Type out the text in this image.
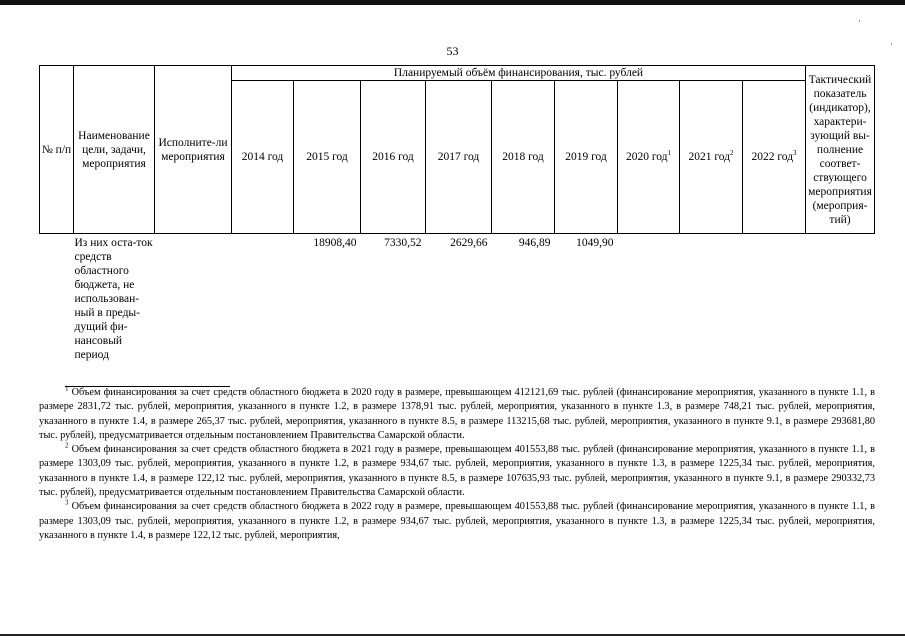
·
·
53
№ п/п	Наименование цели, задачи, мероприятия	Исполните-ли мероприятия	Планируемый объём финансирования, тыс. рублей									Тактический показатель (индикатор), характери-зующий вы-полнение соответ-ствующего мероприятия (мероприя-тий)
			2014 год	2015 год	2016 год	2017 год	2018 год	2019 год	2020 год$^1$	2021 год$^2$	2022 год$^3$
	Из них оста-ток средств областного бюджета, не использован-ный в преды-дущий фи-нансовый период			18908,40	7330,52	2629,66	946,89	1049,90				

$^1$ Объем финансирования за счет средств областного бюджета в 2020 году в размере, превышающем 412121,69 тыс. рублей (финансирование мероприятия, указанного в пункте 1.1, в размере 2831,72 тыс. рублей, мероприятия, указанного в пункте 1.2, в размере 1378,91 тыс. рублей, мероприятия, указанного в пункте 1.3, в размере 748,21 тыс. рублей, мероприятия, указанного в пункте 1.4, в размере 265,37 тыс. рублей, мероприятия, указанного в пункте 8.5, в размере 113215,68 тыс. рублей, мероприятия, указанного в пункте 9.1, в размере 293681,80 тыс. рублей), предусматривается отдельным постановлением Правительства Самарской области.

$^2$ Объем финансирования за счет средств областного бюджета в 2021 году в размере, превышающем 401553,88 тыс. рублей (финансирование мероприятия, указанного в пункте 1.1, в размере 1303,09 тыс. рублей, мероприятия, указанного в пункте 1.2, в размере 934,67 тыс. рублей, мероприятия, указанного в пункте 1.3, в размере 1225,34 тыс. рублей, мероприятия, указанного в пункте 1.4, в размере 122,12 тыс. рублей, мероприятия, указанного в пункте 8.5, в размере 107635,93 тыс. рублей, мероприятия, указанного в пункте 9.1, в размере 290332,73 тыс. рублей), предусматривается отдельным постановлением Правительства Самарской области.

$^3$ Объем финансирования за счет средств областного бюджета в 2022 году в размере, превышающем 401553,88 тыс. рублей (финансирование мероприятия, указанного в пункте 1.1, в размере 1303,09 тыс. рублей, мероприятия, указанного в пункте 1.2, в размере 934,67 тыс. рублей, мероприятия, указанного в пункте 1.3, в размере 1225,34 тыс. рублей, мероприятия, указанного в пункте 1.4, в размере 122,12 тыс. рублей, мероприятия,
